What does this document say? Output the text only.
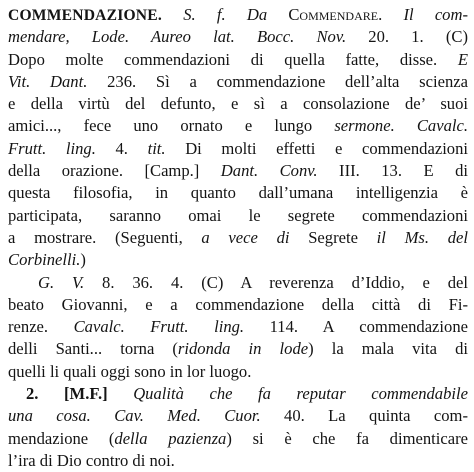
COMMENDAZIONE. S. f. Da Commendare. Il com-
mendare, Lode. Aureo lat. Bocc. Nov. 20. 1. (C)
Dopo molte commendazioni di quella fatte, disse. E
Vit. Dant. 236. Sì a commendazione dell’alta scienza
e della virtù del defunto, e sì a consolazione de’ suoi
amici..., fece uno ornato e lungo sermone. Cavalc.
Frutt. ling. 4. tit. Di molti effetti e commendazioni
della orazione. [Camp.] Dant. Conv. III. 13. E di
questa filosofia, in quanto dall’umana intelligenzia è
participata, saranno omai le segrete commendazioni
a mostrare. (Seguenti, a vece di Segrete il Ms. del
Corbinelli.)
G. V. 8. 36. 4. (C) A reverenza d’Iddio, e del
beato Giovanni, e a commendazione della città di Fi-
renze. Cavalc. Frutt. ling. 114. A commendazione
delli Santi... torna (ridonda in lode) la mala vita di
quelli li quali oggi sono in lor luogo.
2. [M.F.] Qualità che fa reputar commendabile
una cosa. Cav. Med. Cuor. 40. La quinta com-
mendazione (della pazienza) si è che fa dimenticare
l’ira di Dio contro di noi.
